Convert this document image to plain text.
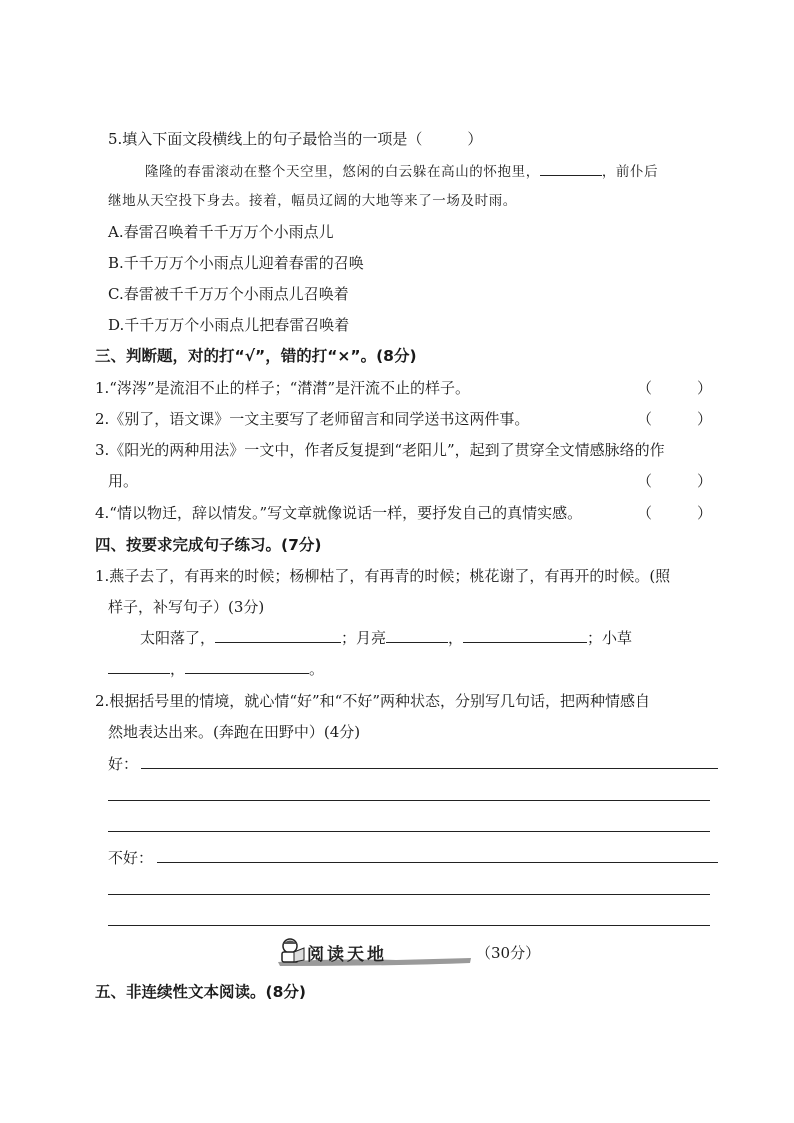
5.填入下面文段横线上的句子最恰当的一项是（　　　）
隆隆的春雷滚动在整个天空里，悠闲的白云躲在高山的怀抱里，	，前仆后
继地从天空投下身去。接着，幅员辽阔的大地等来了一场及时雨。
A.春雷召唤着千千万万个小雨点儿
B.千千万万个小雨点儿迎着春雷的召唤
C.春雷被千千万万个小雨点儿召唤着
D.千千万万个小雨点儿把春雷召唤着
三、判断题，对的打“√”，错的打“×”。(8分)
1.“涔涔”是流泪不止的样子；“潸潸”是汗流不止的样子。	（　　　）
2.《别了，语文课》一文主要写了老师留言和同学送书这两件事。	（　　　）
3.《阳光的两种用法》一文中，作者反复提到“老阳儿”，起到了贯穿全文情感脉络的作
用。	（　　　）
4.“情以物迁，辞以情发。”写文章就像说话一样，要抒发自己的真情实感。	（　　　）
四、按要求完成句子练习。(7分)
1.燕子去了，有再来的时候；杨柳枯了，有再青的时候；桃花谢了，有再开的时候。(照
样子，补写句子）(3分)
太阳落了，	；月亮	，	；小草
，	。
2.根据括号里的情境，就心情“好”和“不好”两种状态，分别写几句话，把两种情感自
然地表达出来。(奔跑在田野中）(4分)
好：
不好：
阅读天地	（30分）
五、非连续性文本阅读。(8分)
